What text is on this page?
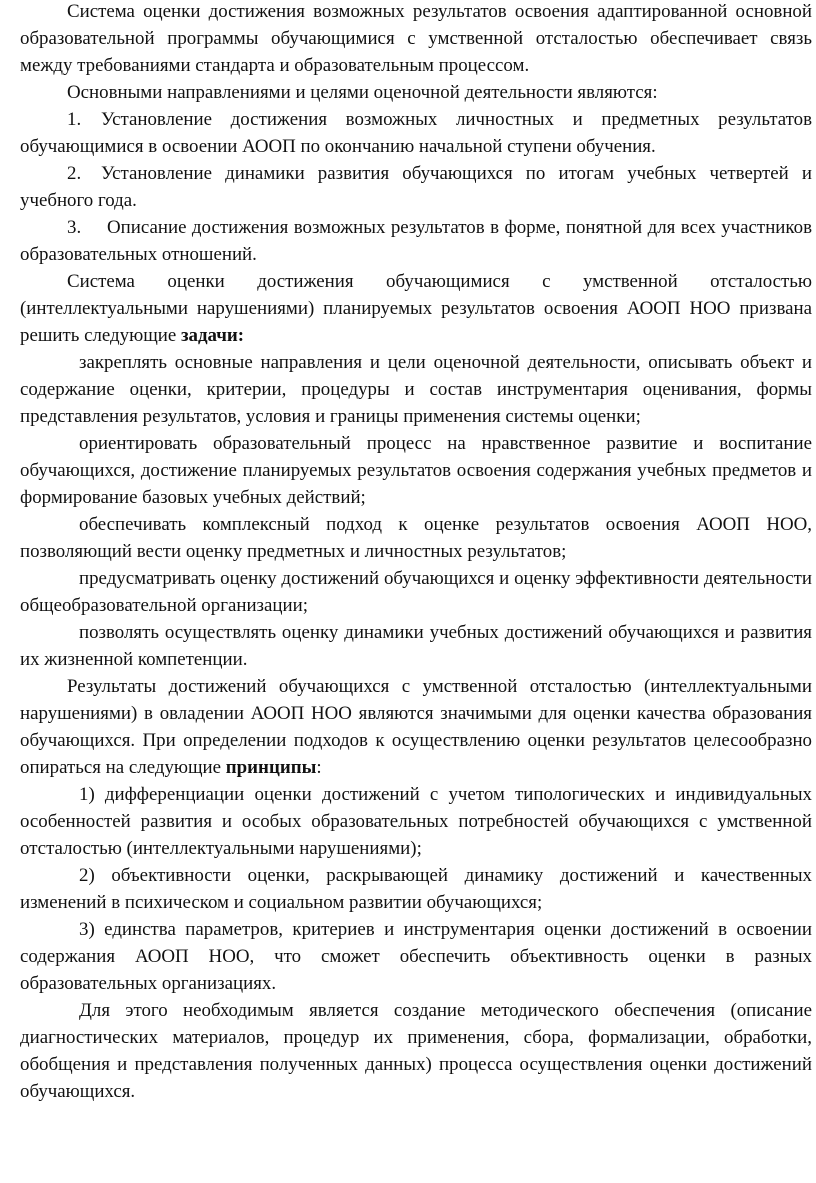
Система оценки достижения возможных результатов освоения адаптированной основной образовательной программы обучающимися с умственной отсталостью обеспечивает связь между требованиями стандарта и образовательным процессом.

Основными направлениями и целями оценочной деятельности являются:

1. Установление достижения возможных личностных и предметных результатов обучающимися в освоении АООП по окончанию начальной ступени обучения.

2. Установление динамики развития обучающихся по итогам учебных четвертей и учебного года.

3. Описание достижения возможных результатов в форме, понятной для всех участников образовательных отношений.

Система оценки достижения обучающимися с умственной отсталостью (интеллектуальными нарушениями) планируемых результатов освоения АООП НОО призвана решить следующие задачи:

закреплять основные направления и цели оценочной деятельности, описывать объект и содержание оценки, критерии, процедуры и состав инструментария оценивания, формы представления результатов, условия и границы применения системы оценки;

ориентировать образовательный процесс на нравственное развитие и воспитание обучающихся, достижение планируемых результатов освоения содержания учебных предметов и формирование базовых учебных действий;

обеспечивать комплексный подход к оценке результатов освоения АООП НОО, позволяющий вести оценку предметных и личностных результатов;

предусматривать оценку достижений обучающихся и оценку эффективности деятельности общеобразовательной организации;

позволять осуществлять оценку динамики учебных достижений обучающихся и развития их жизненной компетенции.

Результаты достижений обучающихся с умственной отсталостью (интеллектуальными нарушениями) в овладении АООП НОО являются значимыми для оценки качества образования обучающихся. При определении подходов к осуществлению оценки результатов целесообразно опираться на следующие принципы:

1) дифференциации оценки достижений с учетом типологических и индивидуальных особенностей развития и особых образовательных потребностей обучающихся с умственной отсталостью (интеллектуальными нарушениями);

2) объективности оценки, раскрывающей динамику достижений и качественных изменений в психическом и социальном развитии обучающихся;

3) единства параметров, критериев и инструментария оценки достижений в освоении содержания АООП НОО, что сможет обеспечить объективность оценки в разных образовательных организациях.

Для этого необходимым является создание методического обеспечения (описание диагностических материалов, процедур их применения, сбора, формализации, обработки, обобщения и представления полученных данных) процесса осуществления оценки достижений обучающихся.
